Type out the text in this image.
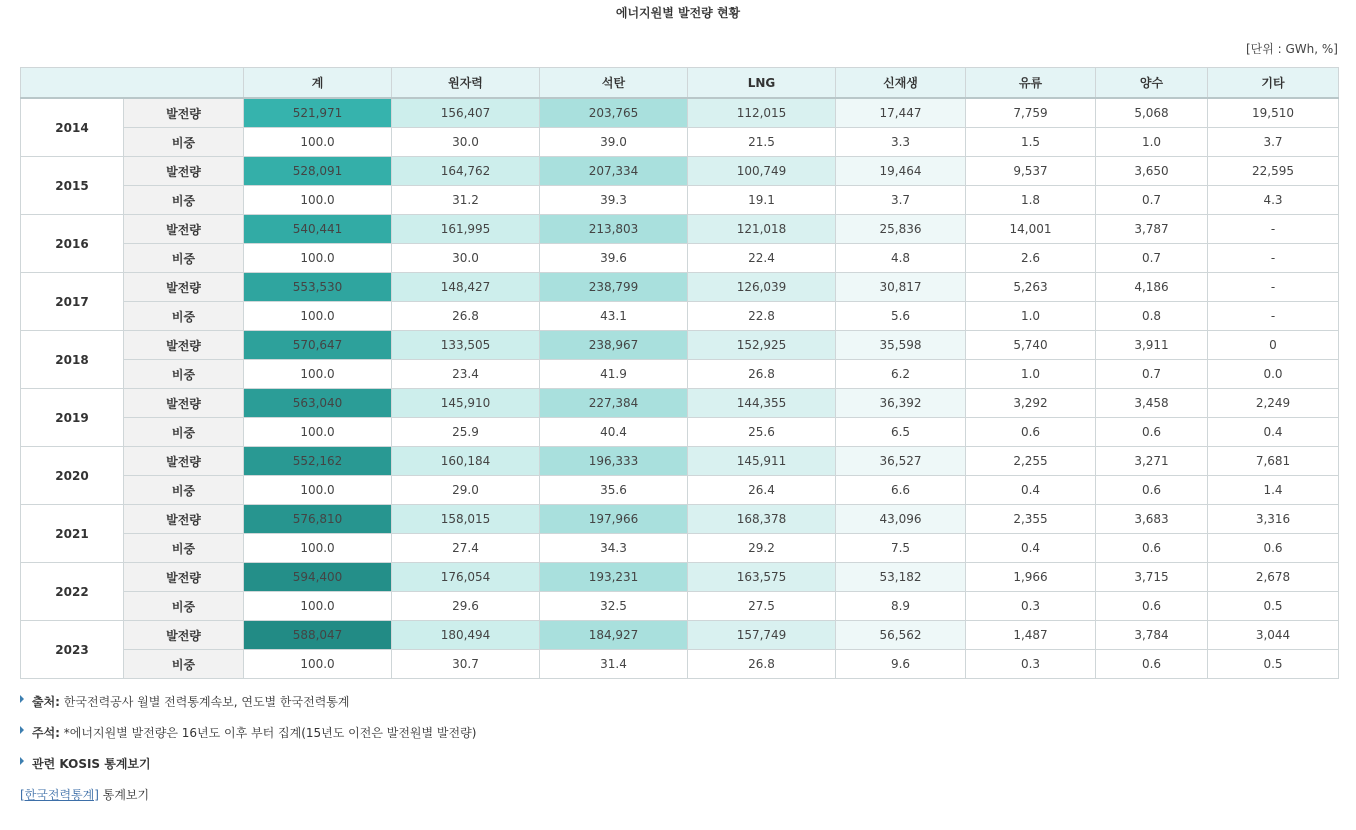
에너지원별 발전량 현황
[단위 : GWh, %]
		계	원자력	석탄	LNG	신재생	유류	양수	기타
2014	발전량	521,971	156,407	203,765	112,015	17,447	7,759	5,068	19,510
	비중	100.0	30.0	39.0	21.5	3.3	1.5	1.0	3.7
2015	발전량	528,091	164,762	207,334	100,749	19,464	9,537	3,650	22,595
	비중	100.0	31.2	39.3	19.1	3.7	1.8	0.7	4.3
2016	발전량	540,441	161,995	213,803	121,018	25,836	14,001	3,787	-
	비중	100.0	30.0	39.6	22.4	4.8	2.6	0.7	-
2017	발전량	553,530	148,427	238,799	126,039	30,817	5,263	4,186	-
	비중	100.0	26.8	43.1	22.8	5.6	1.0	0.8	-
2018	발전량	570,647	133,505	238,967	152,925	35,598	5,740	3,911	0
	비중	100.0	23.4	41.9	26.8	6.2	1.0	0.7	0.0
2019	발전량	563,040	145,910	227,384	144,355	36,392	3,292	3,458	2,249
	비중	100.0	25.9	40.4	25.6	6.5	0.6	0.6	0.4
2020	발전량	552,162	160,184	196,333	145,911	36,527	2,255	3,271	7,681
	비중	100.0	29.0	35.6	26.4	6.6	0.4	0.6	1.4
2021	발전량	576,810	158,015	197,966	168,378	43,096	2,355	3,683	3,316
	비중	100.0	27.4	34.3	29.2	7.5	0.4	0.6	0.6
2022	발전량	594,400	176,054	193,231	163,575	53,182	1,966	3,715	2,678
	비중	100.0	29.6	32.5	27.5	8.9	0.3	0.6	0.5
2023	발전량	588,047	180,494	184,927	157,749	56,562	1,487	3,784	3,044
	비중	100.0	30.7	31.4	26.8	9.6	0.3	0.6	0.5
출처: 한국전력공사 월별 전력통계속보, 연도별 한국전력통계
주석: *에너지원별 발전량은 16년도 이후 부터 집계(15년도 이전은 발전원별 발전량)
관련 KOSIS 통계보기
[한국전력통계] 통계보기
